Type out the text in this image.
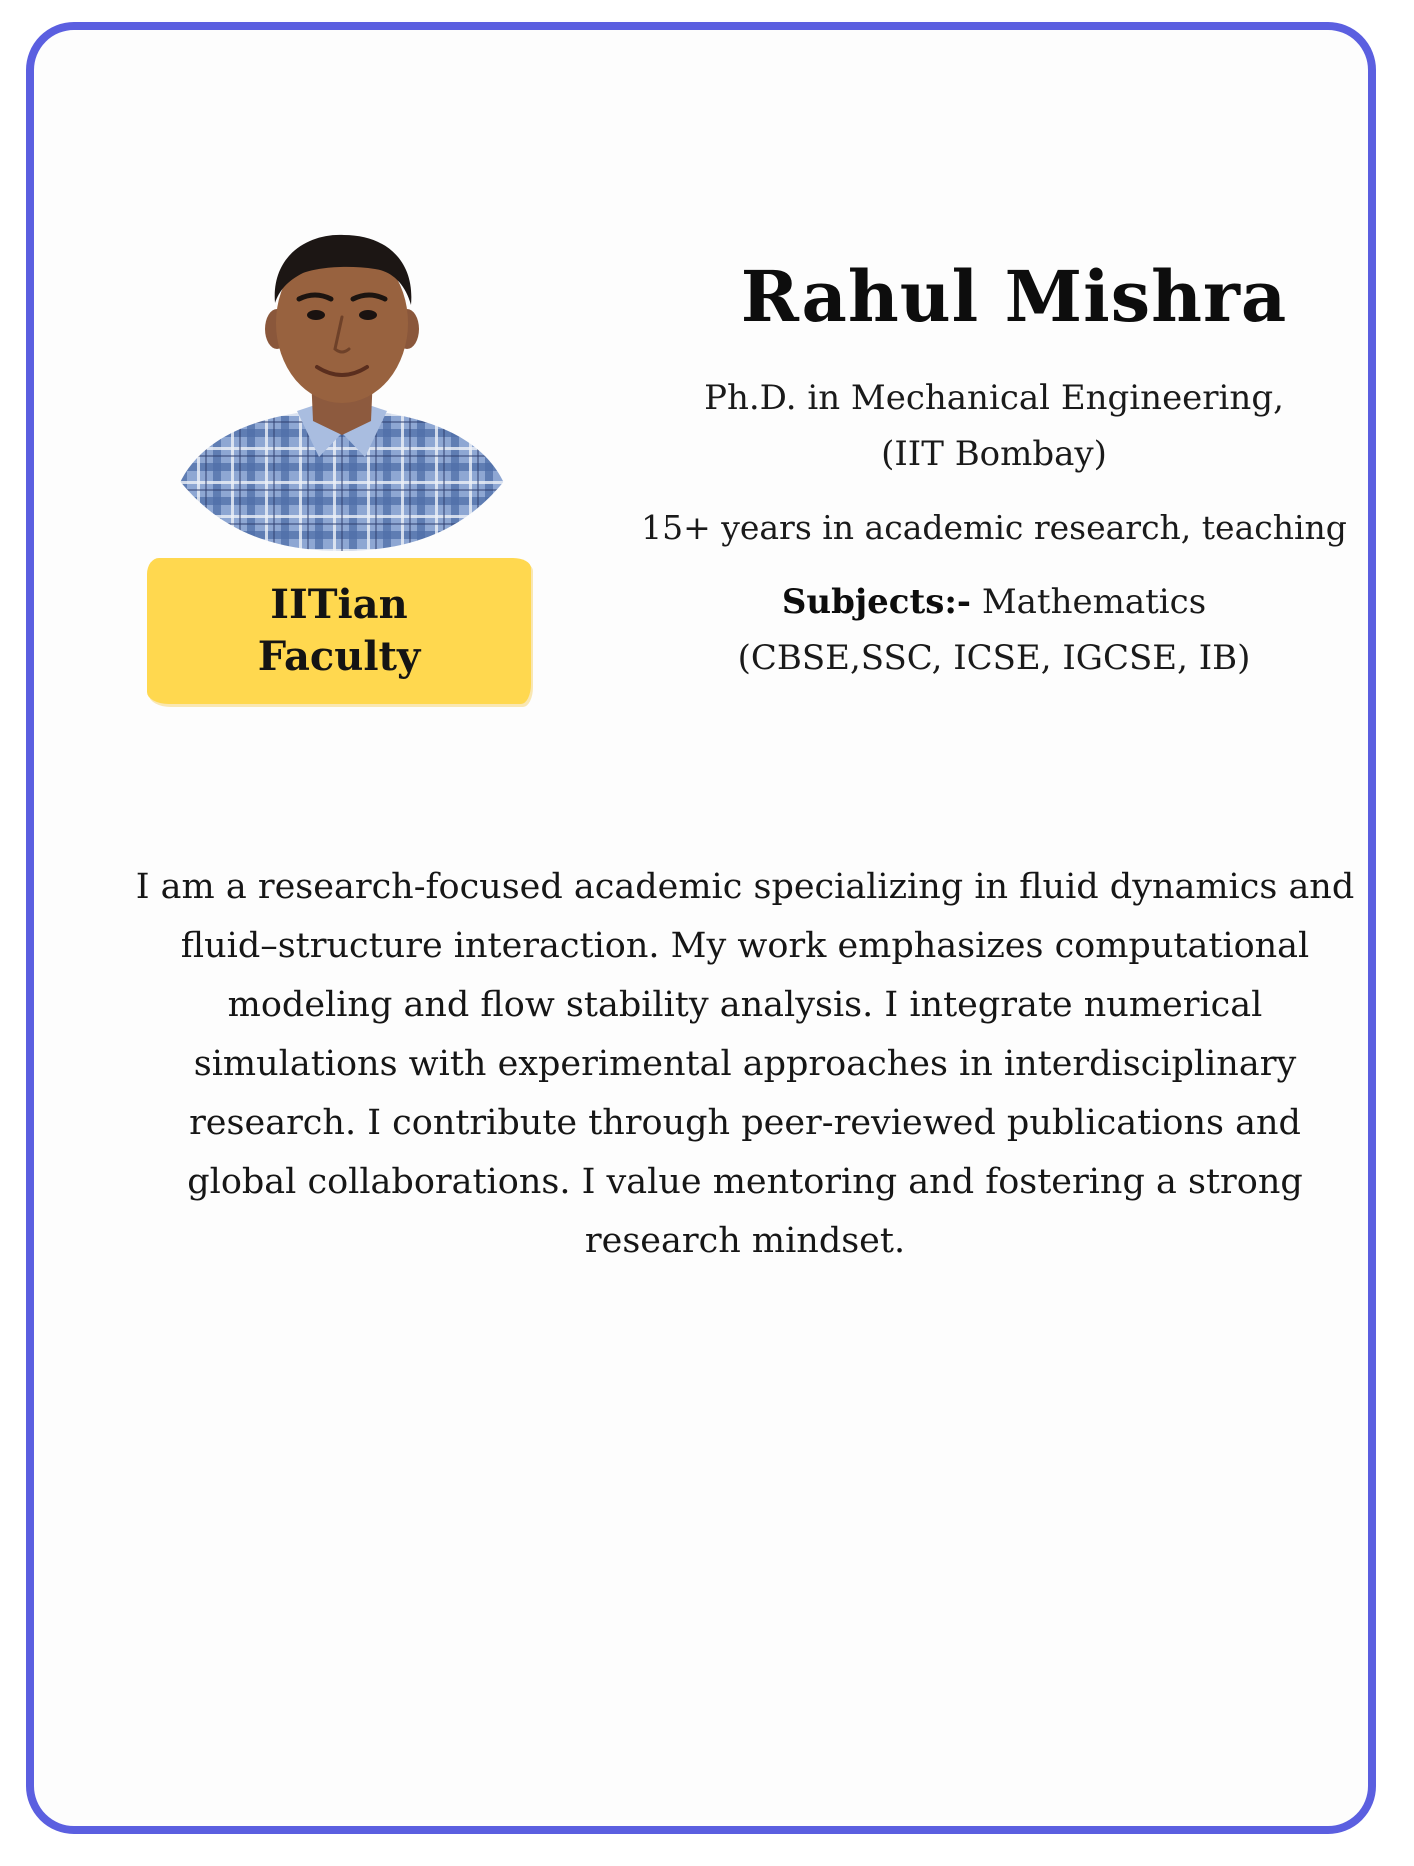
IITian
Faculty
Rahul Mishra
Ph.D. in Mechanical Engineering,
(IIT Bombay)
15+ years in academic research, teaching
Subjects:- Mathematics
(CBSE,SSC, ICSE, IGCSE, IB)
I am a research-focused academic specializing in fluid dynamics and fluid–structure interaction. My work emphasizes computational modeling and flow stability analysis. I integrate numerical simulations with experimental approaches in interdisciplinary research. I contribute through peer-reviewed publications and global collaborations. I value mentoring and fostering a strong research mindset.
